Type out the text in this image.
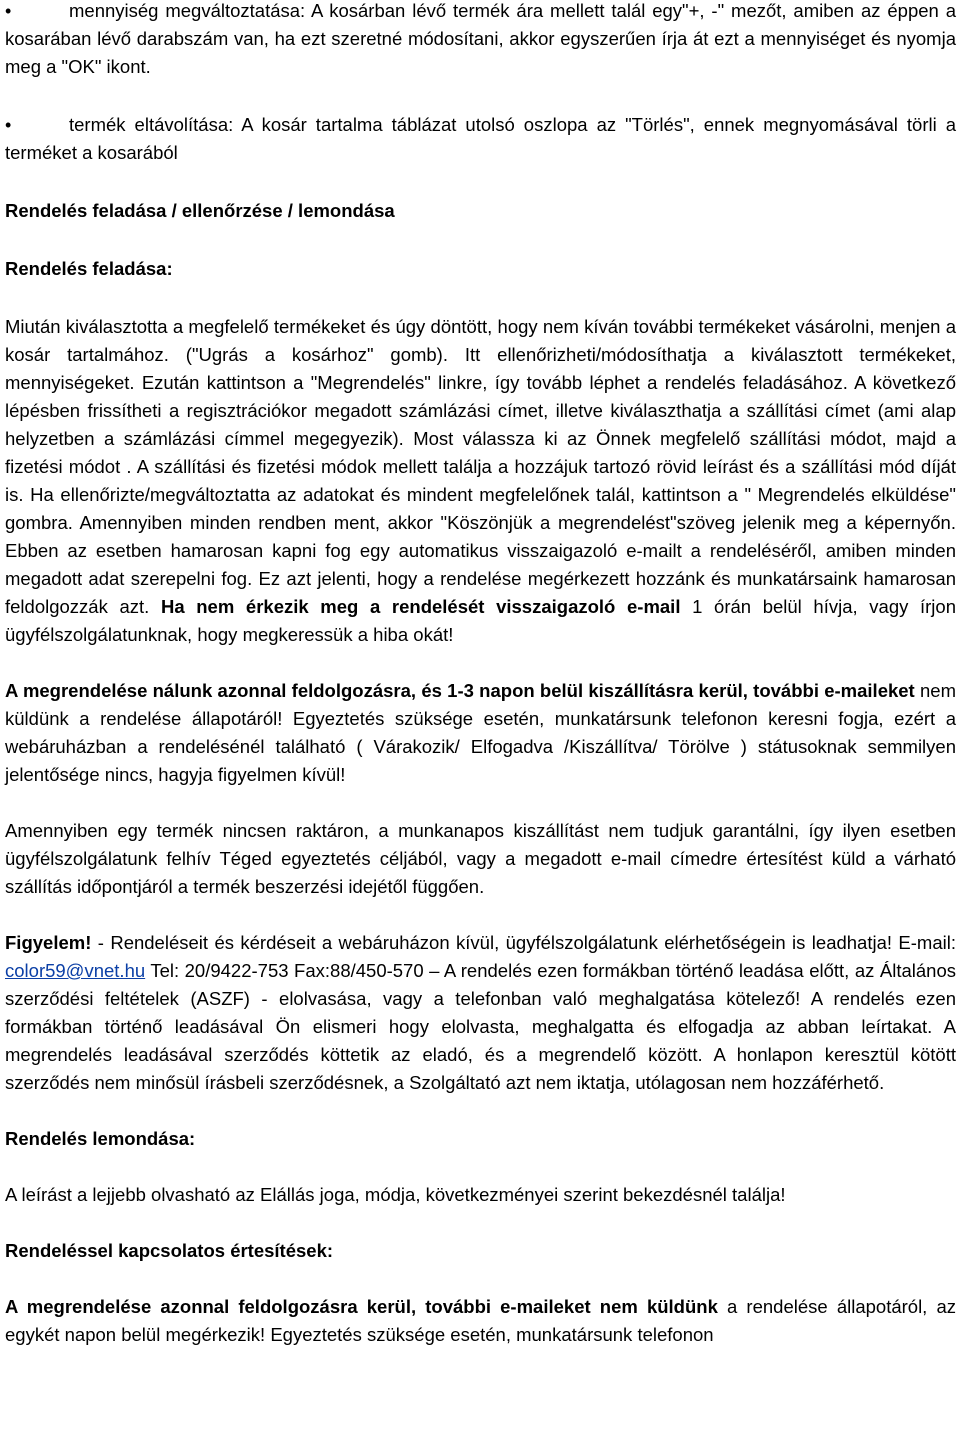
•	mennyiség megváltoztatása: A kosárban lévő termék ára mellett talál egy"+, -" mezőt, amiben az éppen a kosarában lévő darabszám van, ha ezt szeretné módosítani, akkor egyszerűen írja át ezt a mennyiséget és nyomja meg a "OK" ikont.

•	termék eltávolítása: A kosár tartalma táblázat utolsó oszlopa az "Törlés", ennek megnyomásával törli a terméket a kosarából

Rendelés feladása / ellenőrzése / lemondása

Rendelés feladása:

Miután kiválasztotta a megfelelő termékeket és úgy döntött, hogy nem kíván további termékeket vásárolni, menjen a kosár tartalmához. ("Ugrás a kosárhoz" gomb). Itt ellenőrizheti/módosíthatja a kiválasztott termékeket, mennyiségeket. Ezután kattintson a "Megrendelés" linkre, így tovább léphet a rendelés feladásához. A következő lépésben frissítheti a regisztrációkor megadott számlázási címet, illetve kiválaszthatja a szállítási címet (ami alap helyzetben a számlázási címmel megegyezik). Most válassza ki az Önnek megfelelő szállítási módot, majd a fizetési módot . A szállítási és fizetési módok mellett találja a hozzájuk tartozó rövid leírást és a szállítási mód díját is. Ha ellenőrizte/megváltoztatta az adatokat és mindent megfelelőnek talál, kattintson a " Megrendelés elküldése" gombra. Amennyiben minden rendben ment, akkor "Köszönjük a megrendelést"szöveg jelenik meg a képernyőn. Ebben az esetben hamarosan kapni fog egy automatikus visszaigazoló e-mailt a rendeléséről, amiben minden megadott adat szerepelni fog. Ez azt jelenti, hogy a rendelése megérkezett hozzánk és munkatársaink hamarosan feldolgozzák azt. Ha nem érkezik meg a rendelését visszaigazoló e-mail 1 órán belül hívja, vagy írjon ügyfélszolgálatunknak, hogy megkeressük a hiba okát!

A megrendelése nálunk azonnal feldolgozásra, és 1-3 napon belül kiszállításra kerül, további e-maileket nem küldünk a rendelése állapotáról! Egyeztetés szüksége esetén, munkatársunk telefonon keresni fogja, ezért a webáruházban a rendelésénél található ( Várakozik/ Elfogadva /Kiszállítva/ Törölve ) státusoknak semmilyen jelentősége nincs, hagyja figyelmen kívül!

Amennyiben egy termék nincsen raktáron, a munkanapos kiszállítást nem tudjuk garantálni, így ilyen esetben ügyfélszolgálatunk felhív Téged egyeztetés céljából, vagy a megadott e-mail címedre értesítést küld a várható szállítás időpontjáról a termék beszerzési idejétől függően.

Figyelem! - Rendeléseit és kérdéseit a webáruházon kívül, ügyfélszolgálatunk elérhetőségein is leadhatja! E-mail: color59@vnet.hu Tel: 20/9422-753 Fax:88/450-570 – A rendelés ezen formákban történő leadása előtt, az Általános szerződési feltételek (ASZF) - elolvasása, vagy a telefonban való meghalgatása kötelező! A rendelés ezen formákban történő leadásával Ön elismeri hogy elolvasta, meghalgatta és elfogadja az abban leírtakat. A megrendelés leadásával szerződés köttetik az eladó, és a megrendelő között. A honlapon keresztül kötött szerződés nem minősül írásbeli szerződésnek, a Szolgáltató azt nem iktatja, utólagosan nem hozzáférhető.

Rendelés lemondása:

A leírást a lejjebb olvasható az Elállás joga, módja, következményei szerint bekezdésnél találja!

Rendeléssel kapcsolatos értesítések:

A megrendelése azonnal feldolgozásra kerül, további e-maileket nem küldünk a rendelése állapotáról, az egykét napon belül megérkezik! Egyeztetés szüksége esetén, munkatársunk telefonon
